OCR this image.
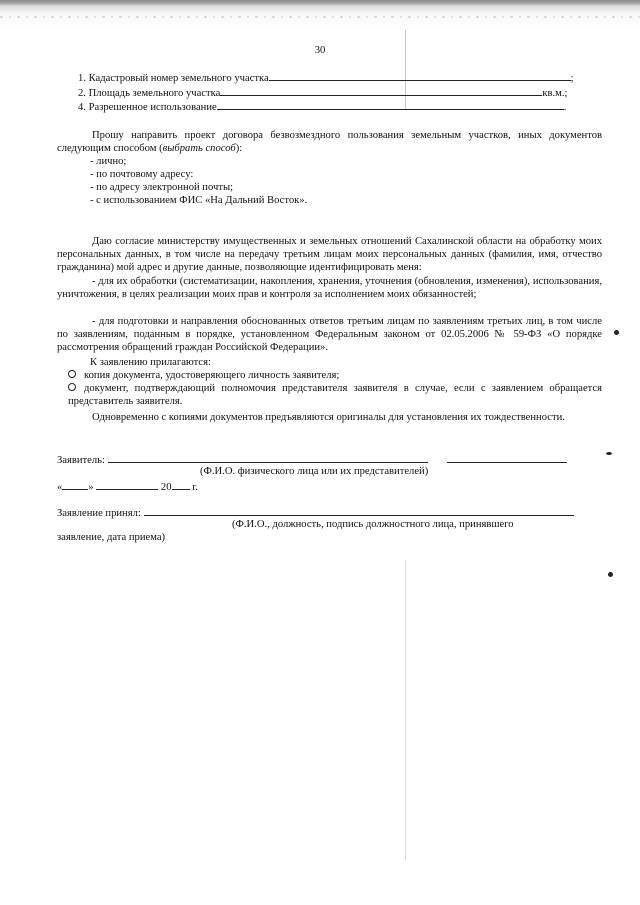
30
1. Кадастровый номер земельного участка	;
2. Площадь земельного участка	кв.м.;
4. Разрешенное использование	.
Прошу направить проект договора безвозмездного пользования земельным участков, иных документов следующим способом (выбрать способ):
- лично;
- по почтовому адресу:
- по адресу электронной почты;
- с использованием ФИС «На Дальний Восток».
Даю согласие министерству имущественных и земельных отношений Сахалинской области на обработку моих персональных данных, в том числе на передачу третьим лицам моих персональных данных (фамилия, имя, отчество гражданина) мой адрес и другие данные, позволяющие идентифицировать меня:
- для их обработки (систематизации, накопления, хранения, уточнения (обновления, изменения), использования, уничтожения, в целях реализации моих прав и контроля за исполнением моих обязанностей;
- для подготовки и направления обоснованных ответов третьим лицам по заявлениям третьих лиц, в том числе по заявлениям, поданным в порядке, установленном Федеральным законом от 02.05.2006 № 59-ФЗ «О порядке рассмотрения обращений граждан Российской Федерации».
К заявлению прилагаются:
копия документа, удостоверяющего личность заявителя;
документ, подтверждающий полномочия представителя заявителя в случае, если с заявлением обращается представитель заявителя.
Одновременно с копиями документов предъявляются оригиналы для установления их тождественности.
Заявитель:
(Ф.И.О. физического лица или их представителей)
« »	20 г.
Заявление принял:
(Ф.И.О., должность, подпись должностного лица, принявшего
заявление, дата приема)
